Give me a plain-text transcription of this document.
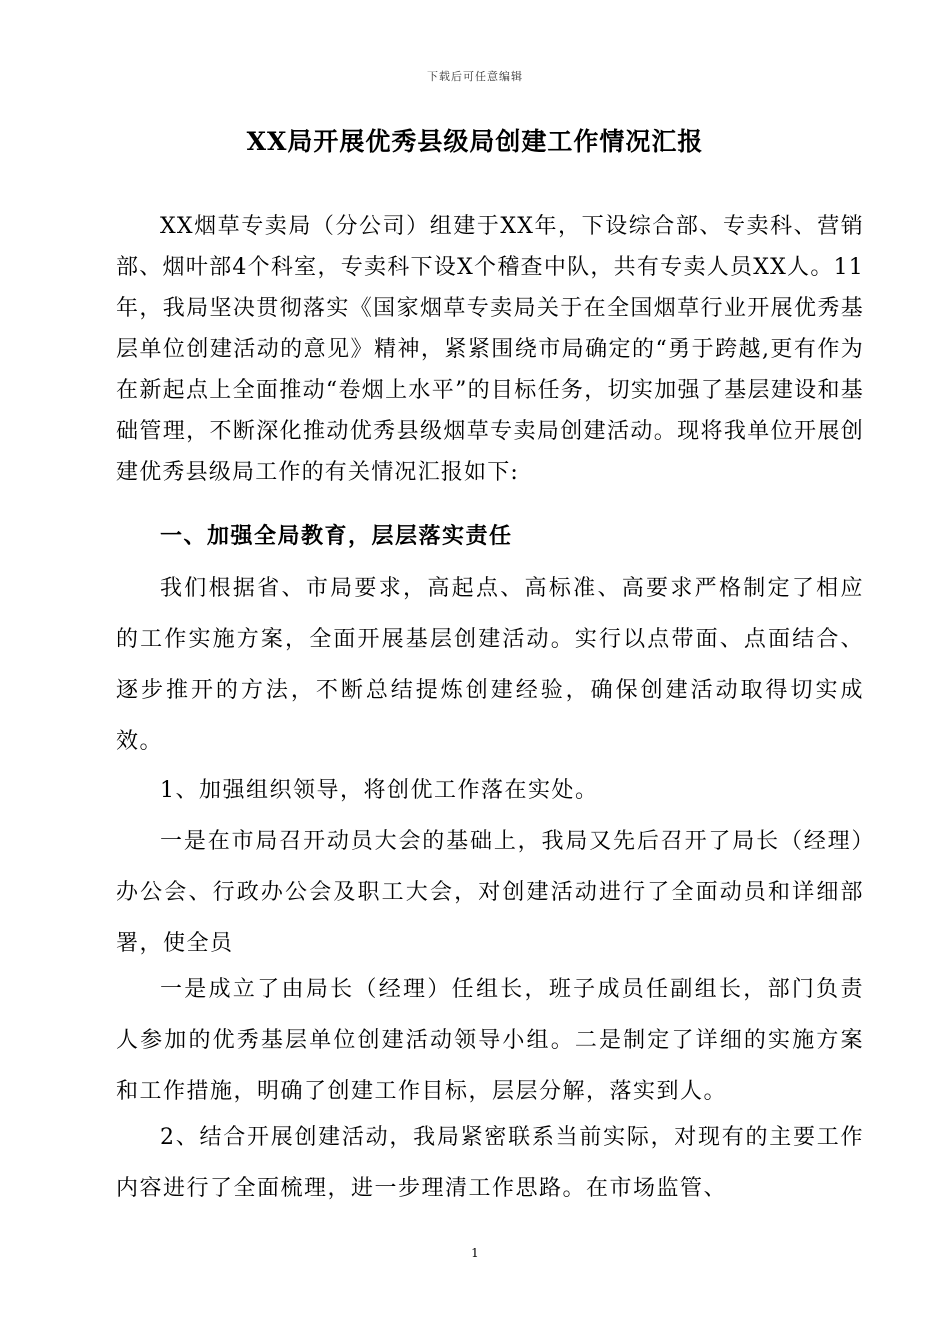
下载后可任意编辑
XX局开展优秀县级局创建工作情况汇报

XX烟草专卖局（分公司）组建于XX年，下设综合部、专卖科、营销部、烟叶部4个科室，专卖科下设X个稽查中队，共有专卖人员XX人。11年，我局坚决贯彻落实《国家烟草专卖局关于在全国烟草行业开展优秀基层单位创建活动的意见》精神，紧紧围绕市局确定的“勇于跨越,更有作为在新起点上全面推动“卷烟上水平”的目标任务，切实加强了基层建设和基础管理，不断深化推动优秀县级烟草专卖局创建活动。现将我单位开展创建优秀县级局工作的有关情况汇报如下:

一、加强全局教育，层层落实责任

我们根据省、市局要求，高起点、高标准、高要求严格制定了相应的工作实施方案，全面开展基层创建活动。实行以点带面、点面结合、逐步推开的方法，不断总结提炼创建经验，确保创建活动取得切实成效。

1、加强组织领导，将创优工作落在实处。

一是在市局召开动员大会的基础上，我局又先后召开了局长（经理）办公会、行政办公会及职工大会，对创建活动进行了全面动员和详细部署，使全员

一是成立了由局长（经理）任组长，班子成员任副组长，部门负责人参加的优秀基层单位创建活动领导小组。二是制定了详细的实施方案和工作措施，明确了创建工作目标，层层分解，落实到人。

2、结合开展创建活动，我局紧密联系当前实际，对现有的主要工作内容进行了全面梳理，进一步理清工作思路。在市场监管、

1
